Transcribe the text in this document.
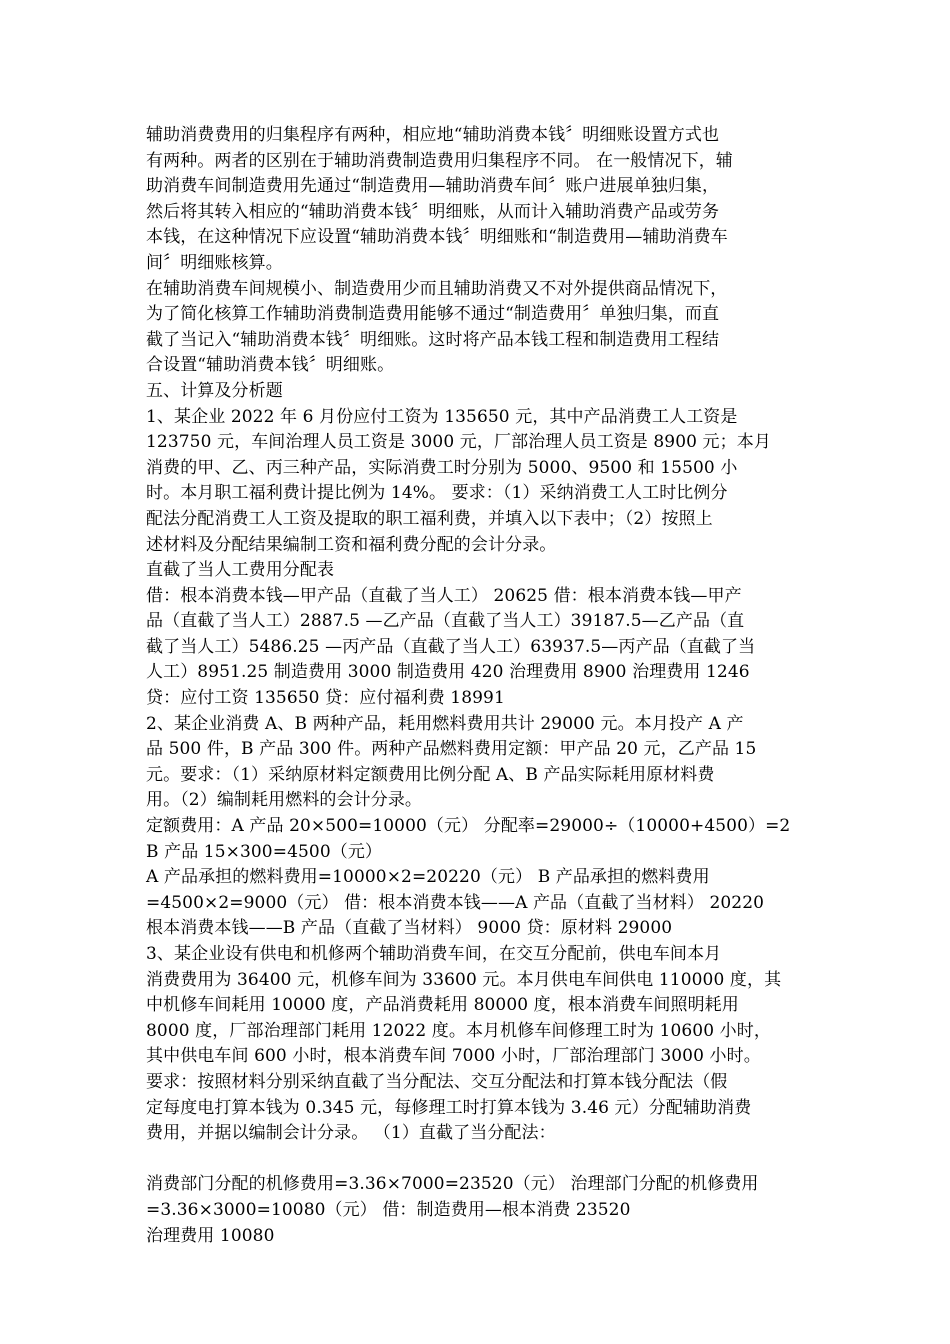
辅助消费费用的归集程序有两种，相应地“辅助消费本钱〞明细账设置方式也
有两种。两者的区别在于辅助消费制造费用归集程序不同。 在一般情况下，辅
助消费车间制造费用先通过“制造费用—辅助消费车间〞账户进展单独归集，
然后将其转入相应的“辅助消费本钱〞明细账，从而计入辅助消费产品或劳务
本钱，在这种情况下应设置“辅助消费本钱〞明细账和“制造费用—辅助消费车
间〞明细账核算。
在辅助消费车间规模小、制造费用少而且辅助消费又不对外提供商品情况下，
为了简化核算工作辅助消费制造费用能够不通过“制造费用〞单独归集，而直
截了当记入“辅助消费本钱〞明细账。这时将产品本钱工程和制造费用工程结
合设置“辅助消费本钱〞明细账。
五、计算及分析题
1、某企业 2022 年 6 月份应付工资为 135650 元，其中产品消费工人工资是
123750 元，车间治理人员工资是 3000 元，厂部治理人员工资是 8900 元；本月
消费的甲、乙、丙三种产品，实际消费工时分别为 5000、9500 和 15500 小
时。本月职工福利费计提比例为 14%。 要求：（1）采纳消费工人工时比例分
配法分配消费工人工资及提取的职工福利费，并填入以下表中；（2）按照上
述材料及分配结果编制工资和福利费分配的会计分录。
直截了当人工费用分配表
借：根本消费本钱—甲产品（直截了当人工） 20625 借：根本消费本钱—甲产
品（直截了当人工）2887.5 —乙产品（直截了当人工）39187.5—乙产品（直
截了当人工）5486.25 —丙产品（直截了当人工）63937.5—丙产品（直截了当
人工）8951.25 制造费用 3000 制造费用 420 治理费用 8900 治理费用 1246
贷：应付工资 135650 贷：应付福利费 18991
2、某企业消费 A、B 两种产品，耗用燃料费用共计 29000 元。本月投产 A 产
品 500 件，B 产品 300 件。两种产品燃料费用定额：甲产品 20 元，乙产品 15
元。要求：（1）采纳原材料定额费用比例分配 A、B 产品实际耗用原材料费
用。（2）编制耗用燃料的会计分录。
定额费用：A 产品 20×500=10000（元） 分配率=29000÷（10000+4500）=2
B 产品 15×300=4500（元）
A 产品承担的燃料费用=10000×2=20220（元） B 产品承担的燃料费用
=4500×2=9000（元） 借：根本消费本钱——A 产品（直截了当材料） 20220
根本消费本钱——B 产品（直截了当材料） 9000 贷：原材料 29000
3、某企业设有供电和机修两个辅助消费车间，在交互分配前，供电车间本月
消费费用为 36400 元，机修车间为 33600 元。本月供电车间供电 110000 度，其
中机修车间耗用 10000 度，产品消费耗用 80000 度，根本消费车间照明耗用
8000 度，厂部治理部门耗用 12022 度。本月机修车间修理工时为 10600 小时，
其中供电车间 600 小时，根本消费车间 7000 小时，厂部治理部门 3000 小时。
要求：按照材料分别采纳直截了当分配法、交互分配法和打算本钱分配法（假
定每度电打算本钱为 0.345 元，每修理工时打算本钱为 3.46 元）分配辅助消费
费用，并据以编制会计分录。 （1）直截了当分配法：
消费部门分配的机修费用=3.36×7000=23520（元） 治理部门分配的机修费用
=3.36×3000=10080（元） 借：制造费用—根本消费 23520
治理费用 10080
